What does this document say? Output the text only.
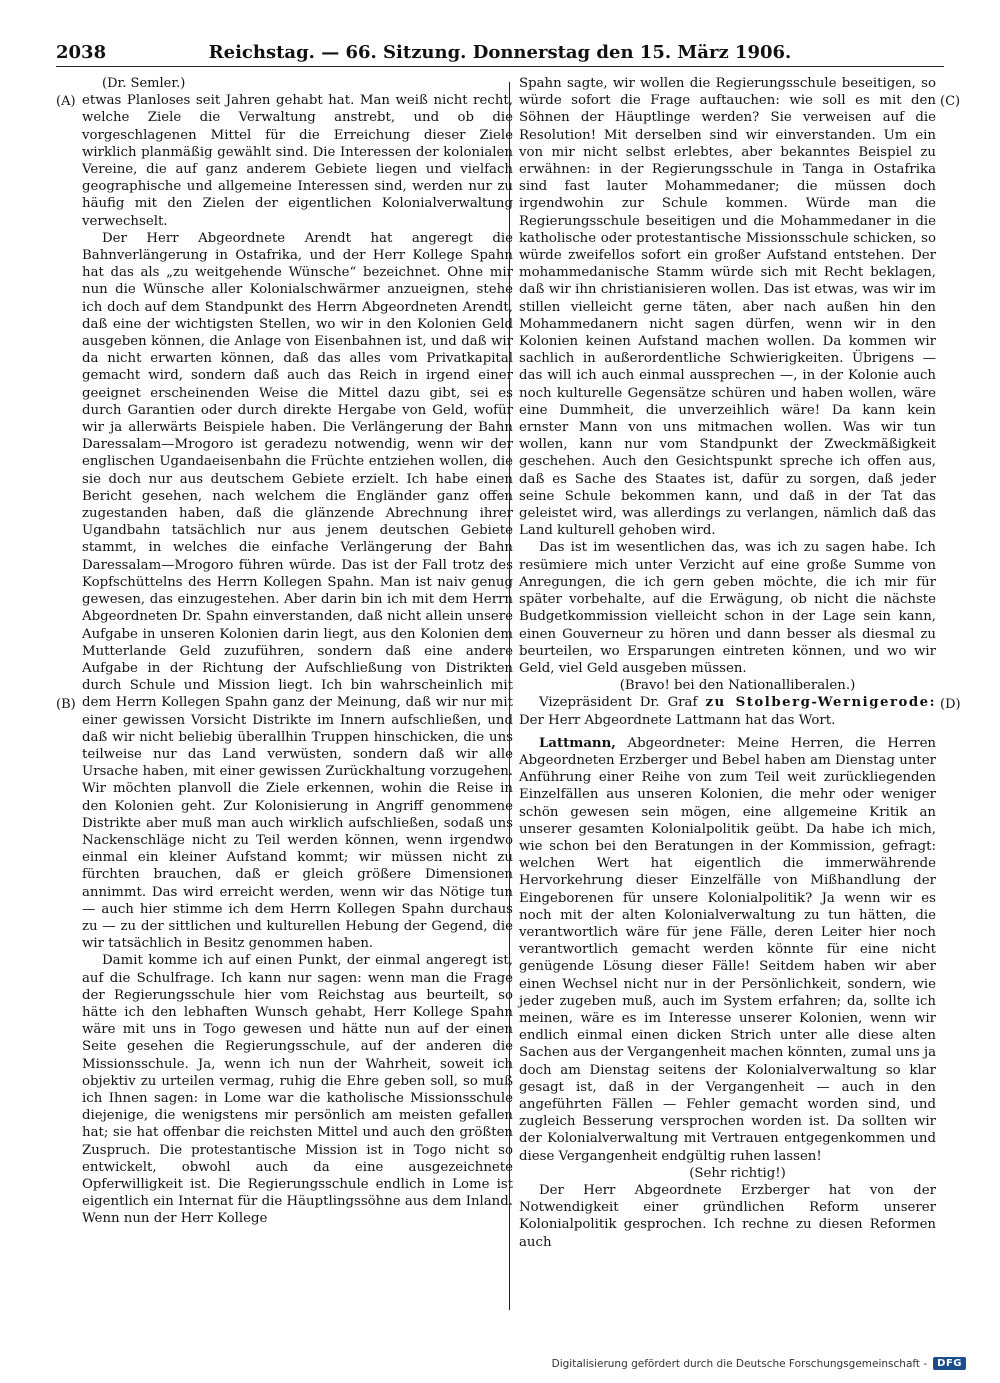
2038	Reichstag. — 66. Sitzung. Donnerstag den 15. März 1906.
(A)
(B)
(C)
(D)

(Dr. Semler.)

etwas Planloses seit Jahren gehabt hat. Man weiß nicht recht, welche Ziele die Verwaltung anstrebt, und ob die vorgeschlagenen Mittel für die Erreichung dieser Ziele wirklich planmäßig gewählt sind. Die Interessen der kolonialen Vereine, die auf ganz anderem Gebiete liegen und vielfach geographische und allgemeine Interessen sind, werden nur zu häufig mit den Zielen der eigentlichen Kolonialverwaltung verwechselt.

Der Herr Abgeordnete Arendt hat angeregt die Bahnverlängerung in Ostafrika, und der Herr Kollege Spahn hat das als „zu weitgehende Wünsche“ bezeichnet. Ohne mir nun die Wünsche aller Kolonialschwärmer anzueignen, stehe ich doch auf dem Standpunkt des Herrn Abgeordneten Arendt, daß eine der wichtigsten Stellen, wo wir in den Kolonien Geld ausgeben können, die Anlage von Eisenbahnen ist, und daß wir da nicht erwarten können, daß das alles vom Privatkapital gemacht wird, sondern daß auch das Reich in irgend einer geeignet erscheinenden Weise die Mittel dazu gibt, sei es durch Garantien oder durch direkte Hergabe von Geld, wofür wir ja allerwärts Beispiele haben. Die Verlängerung der Bahn Daressalam—Mrogoro ist geradezu notwendig, wenn wir der englischen Ugandaeisenbahn die Früchte entziehen wollen, die sie doch nur aus deutschem Gebiete erzielt. Ich habe einen Bericht gesehen, nach welchem die Engländer ganz offen zugestanden haben, daß die glänzende Abrechnung ihrer Ugandbahn tatsächlich nur aus jenem deutschen Gebiete stammt, in welches die einfache Verlängerung der Bahn Daressalam—Mrogoro führen würde. Das ist der Fall trotz des Kopfschüttelns des Herrn Kollegen Spahn. Man ist naiv genug gewesen, das einzugestehen. Aber darin bin ich mit dem Herrn Abgeordneten Dr. Spahn einverstanden, daß nicht allein unsere Aufgabe in unseren Kolonien darin liegt, aus den Kolonien dem Mutterlande Geld zuzuführen, sondern daß eine andere Aufgabe in der Richtung der Aufschließung von Distrikten durch Schule und Mission liegt. Ich bin wahrscheinlich mit dem Herrn Kollegen Spahn ganz der Meinung, daß wir nur mit einer gewissen Vorsicht Distrikte im Innern aufschließen, und daß wir nicht beliebig überallhin Truppen hinschicken, die uns teilweise nur das Land verwüsten, sondern daß wir alle Ursache haben, mit einer gewissen Zurückhaltung vorzugehen. Wir möchten planvoll die Ziele erkennen, wohin die Reise in den Kolonien geht. Zur Kolonisierung in Angriff genommene Distrikte aber muß man auch wirklich aufschließen, sodaß uns Nackenschläge nicht zu Teil werden können, wenn irgendwo einmal ein kleiner Aufstand kommt; wir müssen nicht zu fürchten brauchen, daß er gleich größere Dimensionen annimmt. Das wird erreicht werden, wenn wir das Nötige tun — auch hier stimme ich dem Herrn Kollegen Spahn durchaus zu — zu der sittlichen und kulturellen Hebung der Gegend, die wir tatsächlich in Besitz genommen haben.

Damit komme ich auf einen Punkt, der einmal angeregt ist, auf die Schulfrage. Ich kann nur sagen: wenn man die Frage der Regierungsschule hier vom Reichstag aus beurteilt, so hätte ich den lebhaften Wunsch gehabt, Herr Kollege Spahn wäre mit uns in Togo gewesen und hätte nun auf der einen Seite gesehen die Regierungsschule, auf der anderen die Missionsschule. Ja, wenn ich nun der Wahrheit, soweit ich objektiv zu urteilen vermag, ruhig die Ehre geben soll, so muß ich Ihnen sagen: in Lome war die katholische Missionsschule diejenige, die wenigstens mir persönlich am meisten gefallen hat; sie hat offenbar die reichsten Mittel und auch den größten Zuspruch. Die protestantische Mission ist in Togo nicht so entwickelt, obwohl auch da eine ausgezeichnete Opferwilligkeit ist. Die Regierungsschule endlich in Lome ist eigentlich ein Internat für die Häuptlingssöhne aus dem Inland. Wenn nun der Herr Kollege

Spahn sagte, wir wollen die Regierungsschule beseitigen, so würde sofort die Frage auftauchen: wie soll es mit den Söhnen der Häuptlinge werden? Sie verweisen auf die Resolution! Mit derselben sind wir einverstanden. Um ein von mir nicht selbst erlebtes, aber bekanntes Beispiel zu erwähnen: in der Regierungsschule in Tanga in Ostafrika sind fast lauter Mohammedaner; die müssen doch irgendwohin zur Schule kommen. Würde man die Regierungsschule beseitigen und die Mohammedaner in die katholische oder protestantische Missionsschule schicken, so würde zweifellos sofort ein großer Aufstand entstehen. Der mohammedanische Stamm würde sich mit Recht beklagen, daß wir ihn christianisieren wollen. Das ist etwas, was wir im stillen vielleicht gerne täten, aber nach außen hin den Mohammedanern nicht sagen dürfen, wenn wir in den Kolonien keinen Aufstand machen wollen. Da kommen wir sachlich in außerordentliche Schwierigkeiten. Übrigens — das will ich auch einmal aussprechen —, in der Kolonie auch noch kulturelle Gegensätze schüren und haben wollen, wäre eine Dummheit, die unverzeihlich wäre! Da kann kein ernster Mann von uns mitmachen wollen. Was wir tun wollen, kann nur vom Standpunkt der Zweckmäßigkeit geschehen. Auch den Gesichtspunkt spreche ich offen aus, daß es Sache des Staates ist, dafür zu sorgen, daß jeder seine Schule bekommen kann, und daß in der Tat das geleistet wird, was allerdings zu verlangen, nämlich daß das Land kulturell gehoben wird.

Das ist im wesentlichen das, was ich zu sagen habe. Ich resümiere mich unter Verzicht auf eine große Summe von Anregungen, die ich gern geben möchte, die ich mir für später vorbehalte, auf die Erwägung, ob nicht die nächste Budgetkommission vielleicht schon in der Lage sein kann, einen Gouverneur zu hören und dann besser als diesmal zu beurteilen, wo Ersparungen eintreten können, und wo wir Geld, viel Geld ausgeben müssen.

(Bravo! bei den Nationalliberalen.)

Vizepräsident Dr. Graf zu Stolberg-Wernigerode: Der Herr Abgeordnete Lattmann hat das Wort.

Lattmann, Abgeordneter: Meine Herren, die Herren Abgeordneten Erzberger und Bebel haben am Dienstag unter Anführung einer Reihe von zum Teil weit zurückliegenden Einzelfällen aus unseren Kolonien, die mehr oder weniger schön gewesen sein mögen, eine allgemeine Kritik an unserer gesamten Kolonialpolitik geübt. Da habe ich mich, wie schon bei den Beratungen in der Kommission, gefragt: welchen Wert hat eigentlich die immerwährende Hervorkehrung dieser Einzelfälle von Mißhandlung der Eingeborenen für unsere Kolonialpolitik? Ja wenn wir es noch mit der alten Kolonialverwaltung zu tun hätten, die verantwortlich wäre für jene Fälle, deren Leiter hier noch verantwortlich gemacht werden könnte für eine nicht genügende Lösung dieser Fälle! Seitdem haben wir aber einen Wechsel nicht nur in der Persönlichkeit, sondern, wie jeder zugeben muß, auch im System erfahren; da, sollte ich meinen, wäre es im Interesse unserer Kolonien, wenn wir endlich einmal einen dicken Strich unter alle diese alten Sachen aus der Vergangenheit machen könnten, zumal uns ja doch am Dienstag seitens der Kolonialverwaltung so klar gesagt ist, daß in der Vergangenheit — auch in den angeführten Fällen — Fehler gemacht worden sind, und zugleich Besserung versprochen worden ist. Da sollten wir der Kolonialverwaltung mit Vertrauen entgegenkommen und diese Vergangenheit endgültig ruhen lassen!

(Sehr richtig!)

Der Herr Abgeordnete Erzberger hat von der Notwendigkeit einer gründlichen Reform unserer Kolonialpolitik gesprochen. Ich rechne zu diesen Reformen auch

Digitalisierung gefördert durch die Deutsche Forschungsgemeinschaft -	DFG
